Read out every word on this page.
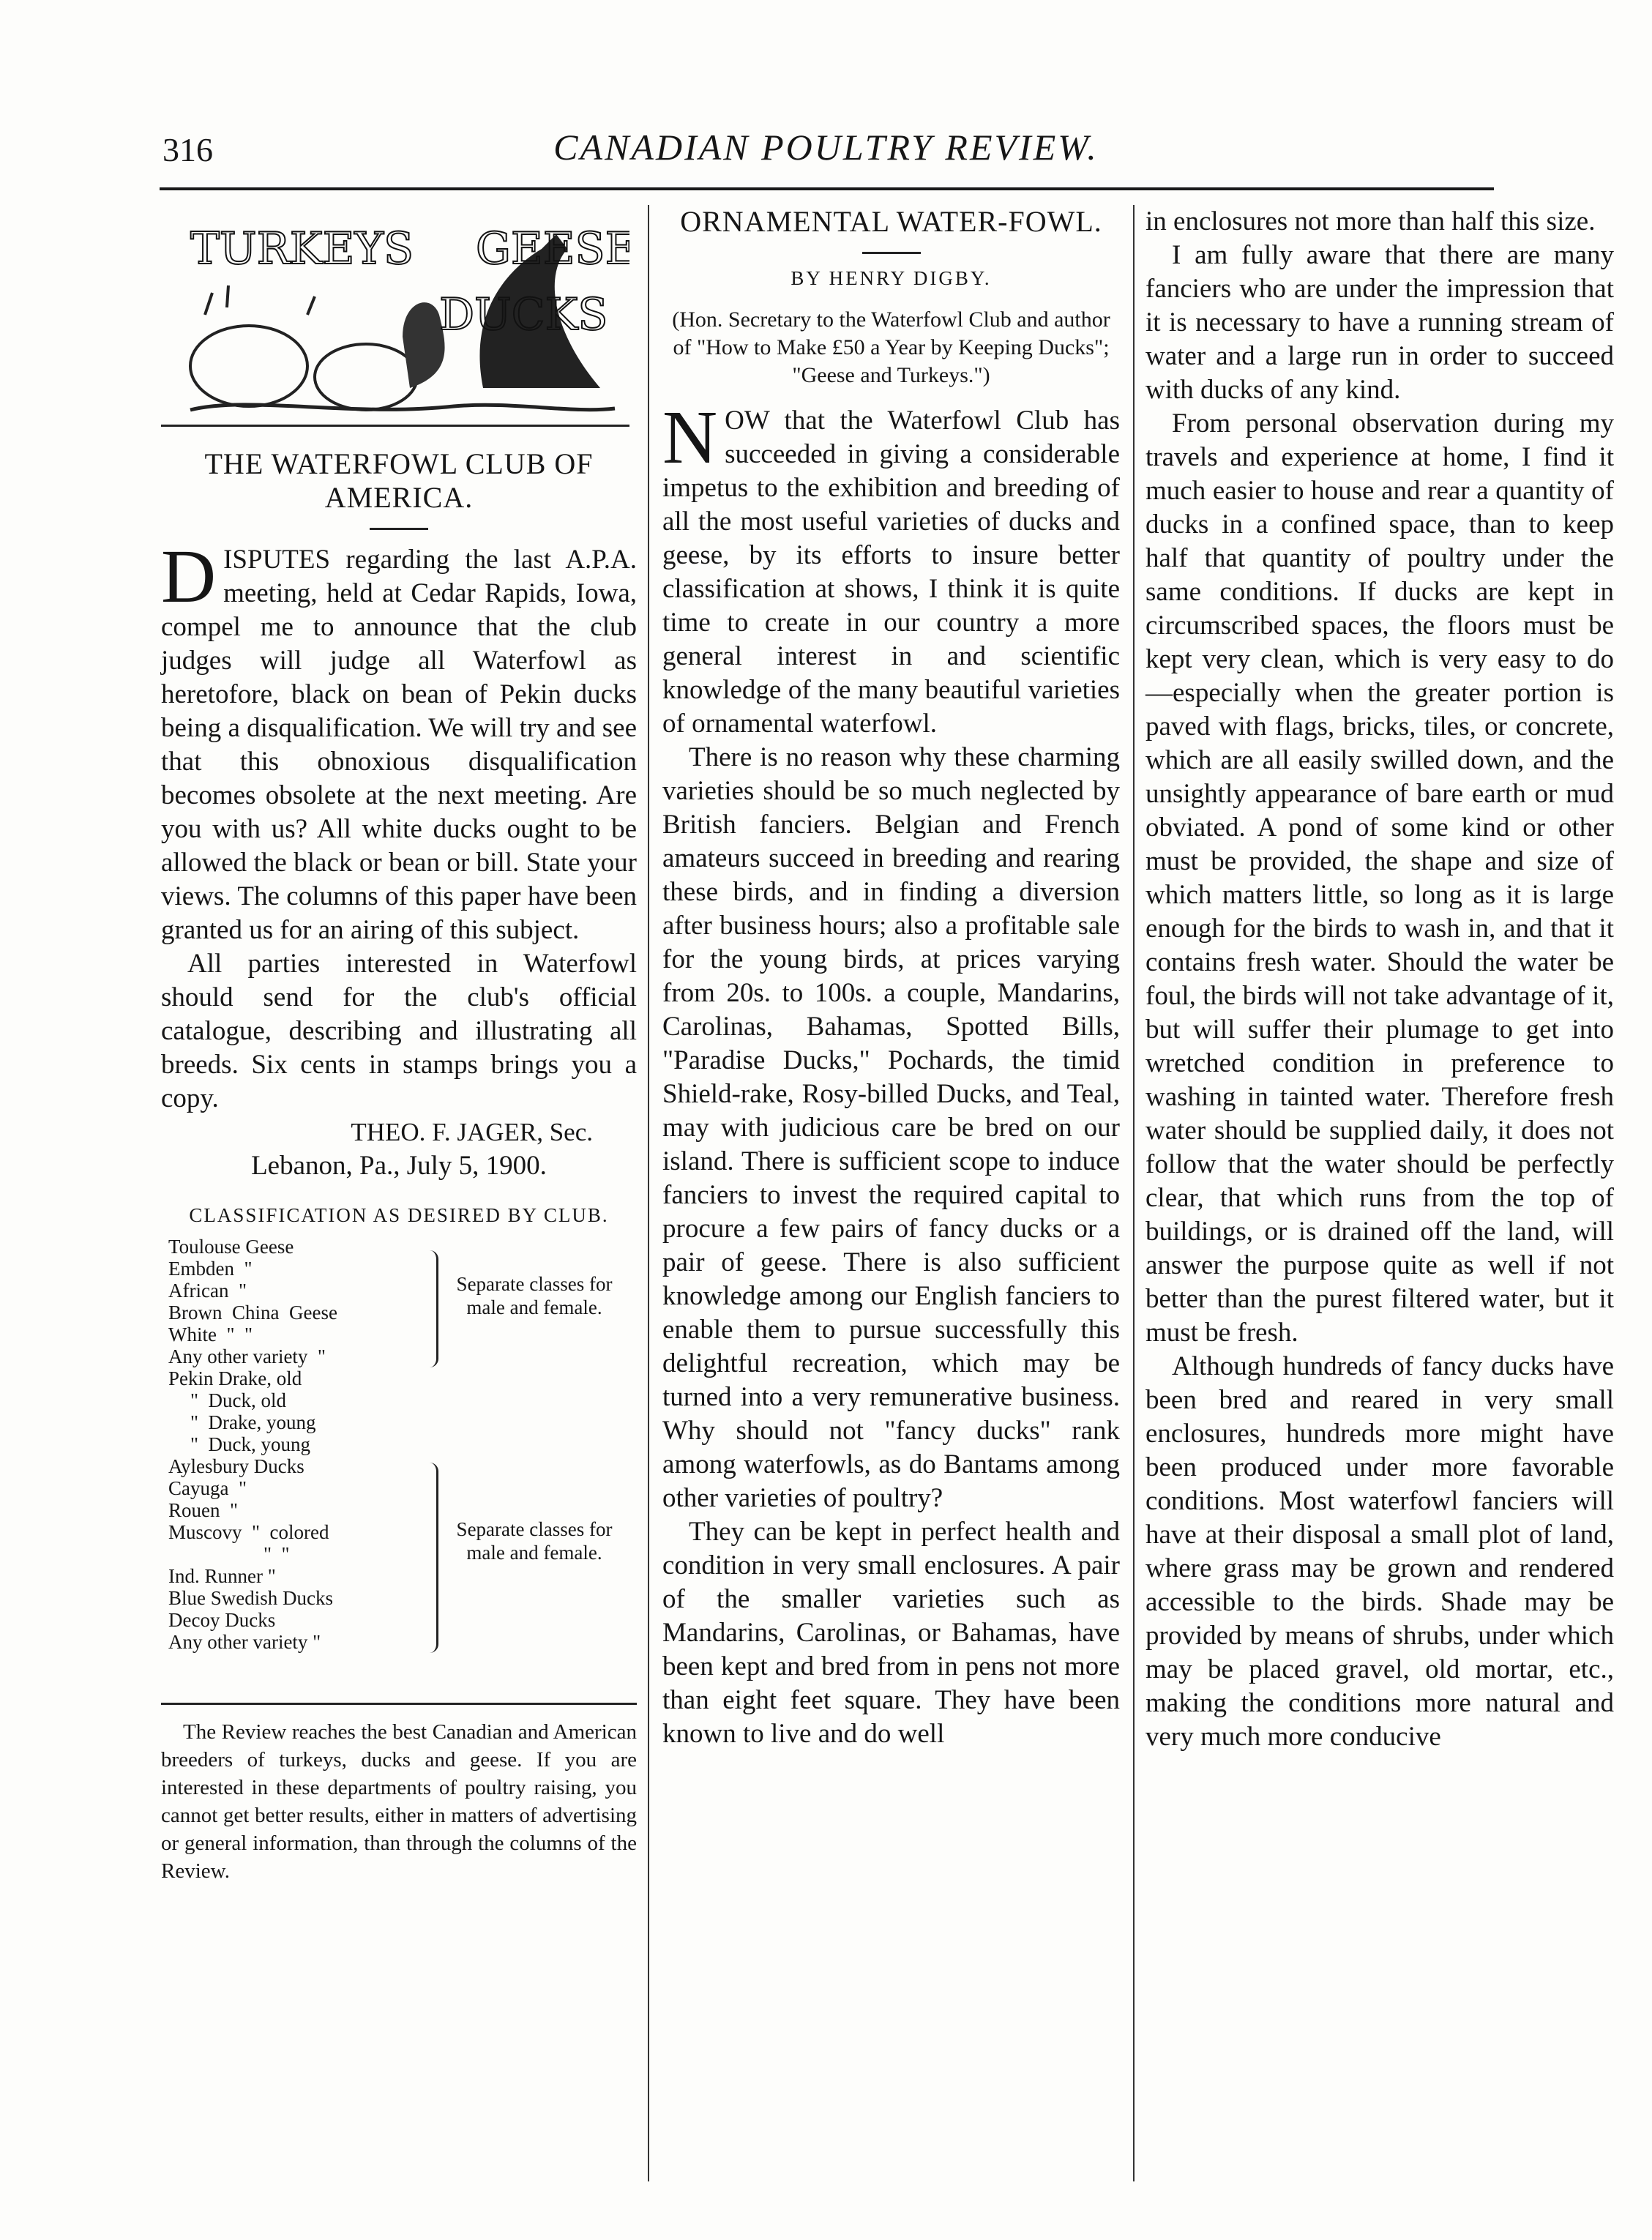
316	CANADIAN POULTRY REVIEW.
TURKEYS GEESE
DUCKS
THE WATERFOWL CLUB OF AMERICA.

DISPUTES regarding the last A.P.A. meeting, held at Cedar Rapids, Iowa, compel me to announce that the club judges will judge all Waterfowl as heretofore, black on bean of Pekin ducks being a disqualification. We will try and see that this obnoxious disqualification becomes obsolete at the next meeting. Are you with us? All white ducks ought to be allowed the black or bean or bill. State your views. The columns of this paper have been granted us for an airing of this subject.

All parties interested in Waterfowl should send for the club's official catalogue, describing and illustrating all breeds. Six cents in stamps brings you a copy.

THEO. F. JAGER, Sec.
Lebanon, Pa., July 5, 1900.
CLASSIFICATION AS DESIRED BY CLUB.
Toulouse Geese
Embden  "
African  "
Brown  China  Geese
White  "  "
Any other variety  "
Separate classes for male and female.
Pekin Drake, old
"  Duck, old
"  Drake, young
"  Duck, young
Aylesbury Ducks
Cayuga  "
Rouen  "
Muscovy  "  colored
"  "
Ind. Runner "
Blue Swedish Ducks
Decoy Ducks
Any other variety "
Separate classes for male and female.
The Review reaches the best Canadian and American breeders of turkeys, ducks and geese. If you are interested in these departments of poultry raising, you cannot get better results, either in matters of advertising or general information, than through the columns of the Review.
ORNAMENTAL WATER-FOWL.
BY HENRY DIGBY.
(Hon. Secretary to the Waterfowl Club and author of "How to Make £50 a Year by Keeping Ducks"; "Geese and Turkeys.")

NOW that the Waterfowl Club has succeeded in giving a considerable impetus to the exhibition and breeding of all the most useful varieties of ducks and geese, by its efforts to insure better classification at shows, I think it is quite time to create in our country a more general interest in and scientific knowledge of the many beautiful varieties of ornamental waterfowl.

There is no reason why these charming varieties should be so much neglected by British fanciers. Belgian and French amateurs succeed in breeding and rearing these birds, and in finding a diversion after business hours; also a profitable sale for the young birds, at prices varying from 20s. to 100s. a couple, Mandarins, Carolinas, Bahamas, Spotted Bills, "Paradise Ducks," Pochards, the timid Shield-rake, Rosy-billed Ducks, and Teal, may with judicious care be bred on our island. There is sufficient scope to induce fanciers to invest the required capital to procure a few pairs of fancy ducks or a pair of geese. There is also sufficient knowledge among our English fanciers to enable them to pursue successfully this delightful recreation, which may be turned into a very remunerative business. Why should not "fancy ducks" rank among waterfowls, as do Bantams among other varieties of poultry?

They can be kept in perfect health and condition in very small enclosures. A pair of the smaller varieties such as Mandarins, Carolinas, or Bahamas, have been kept and bred from in pens not more than eight feet square. They have been known to live and do well

in enclosures not more than half this size.

I am fully aware that there are many fanciers who are under the impression that it is necessary to have a running stream of water and a large run in order to succeed with ducks of any kind.

From personal observation during my travels and experience at home, I find it much easier to house and rear a quantity of ducks in a confined space, than to keep half that quantity of poultry under the same conditions. If ducks are kept in circumscribed spaces, the floors must be kept very clean, which is very easy to do—especially when the greater portion is paved with flags, bricks, tiles, or concrete, which are all easily swilled down, and the unsightly appearance of bare earth or mud obviated. A pond of some kind or other must be provided, the shape and size of which matters little, so long as it is large enough for the birds to wash in, and that it contains fresh water. Should the water be foul, the birds will not take advantage of it, but will suffer their plumage to get into wretched condition in preference to washing in tainted water. Therefore fresh water should be supplied daily, it does not follow that the water should be perfectly clear, that which runs from the top of buildings, or is drained off the land, will answer the purpose quite as well if not better than the purest filtered water, but it must be fresh.

Although hundreds of fancy ducks have been bred and reared in very small enclosures, hundreds more might have been produced under more favorable conditions. Most waterfowl fanciers will have at their disposal a small plot of land, where grass may be grown and rendered accessible to the birds. Shade may be provided by means of shrubs, under which may be placed gravel, old mortar, etc., making the conditions more natural and very much more conducive
